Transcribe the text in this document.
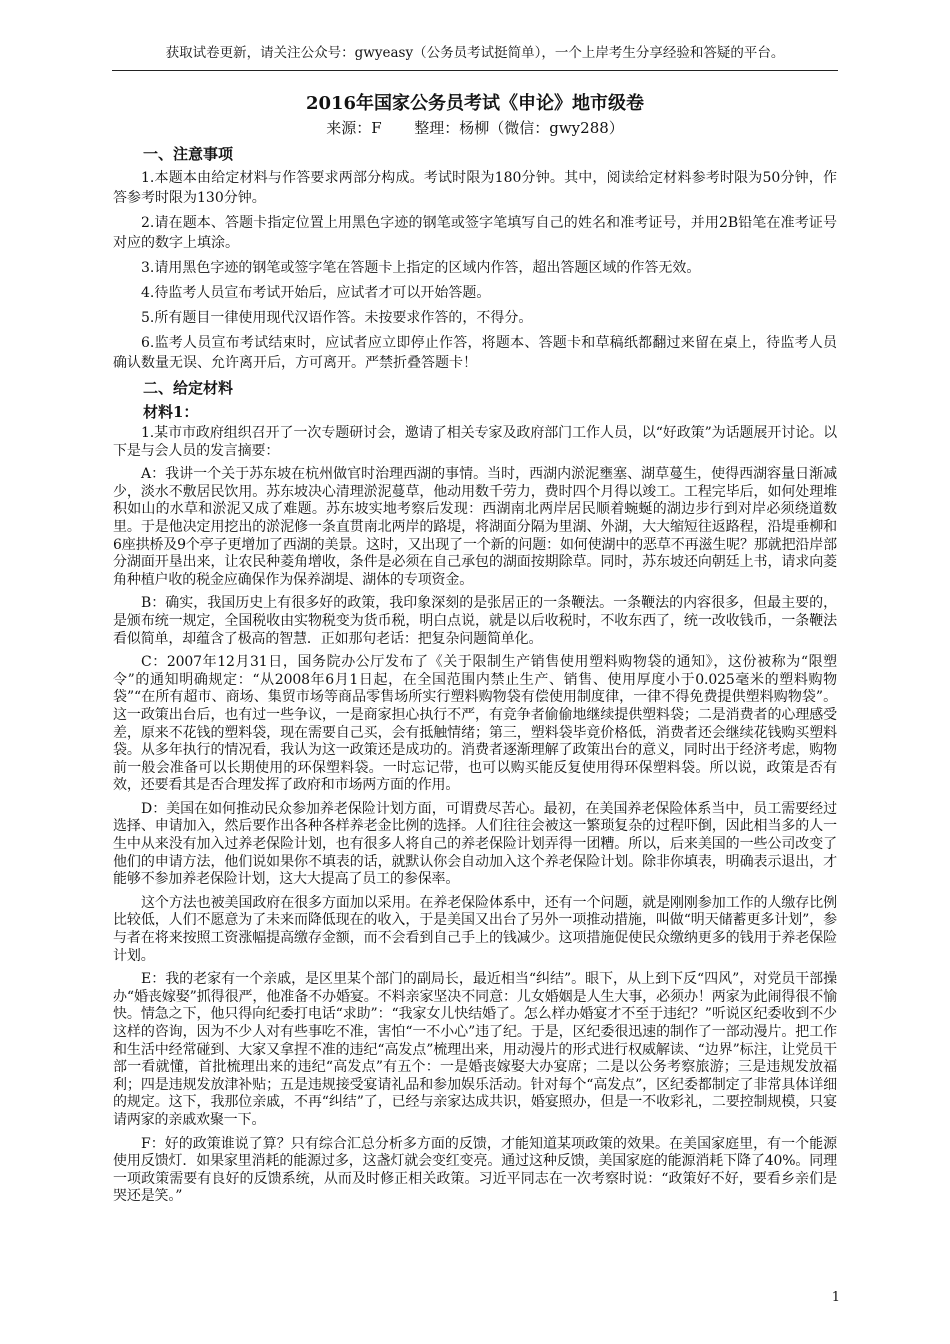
获取试卷更新，请关注公众号：gwyeasy（公务员考试挺简单），一个上岸考生分享经验和答疑的平台。
2016年国家公务员考试《申论》地市级卷
来源：F 整理：杨柳（微信：gwy288）
一、注意事项

1.本题本由给定材料与作答要求两部分构成。考试时限为180分钟。其中，阅读给定材料参考时限为50分钟，作答参考时限为130分钟。

2.请在题本、答题卡指定位置上用黑色字迹的钢笔或签字笔填写自己的姓名和准考证号，并用2B铅笔在准考证号对应的数字上填涂。

3.请用黑色字迹的钢笔或签字笔在答题卡上指定的区域内作答，超出答题区域的作答无效。

4.待监考人员宣布考试开始后，应试者才可以开始答题。

5.所有题目一律使用现代汉语作答。未按要求作答的，不得分。

6.监考人员宣布考试结束时，应试者应立即停止作答，将题本、答题卡和草稿纸都翻过来留在桌上，待监考人员确认数量无误、允许离开后，方可离开。严禁折叠答题卡！

二、给定材料
材料1：

1.某市市政府组织召开了一次专题研讨会，邀请了相关专家及政府部门工作人员，以“好政策”为话题展开讨论。以下是与会人员的发言摘要：

A：我讲一个关于苏东坡在杭州做官时治理西湖的事情。当时，西湖内淤泥壅塞、湖草蔓生，使得西湖容量日渐减少，淡水不敷居民饮用。苏东坡决心清理淤泥蔓草，他动用数千劳力，费时四个月得以竣工。工程完毕后，如何处理堆积如山的水草和淤泥又成了难题。苏东坡实地考察后发现：西湖南北两岸居民顺着蜿蜒的湖边步行到对岸必须绕道数里。于是他决定用挖出的淤泥修一条直贯南北两岸的路堤，将湖面分隔为里湖、外湖，大大缩短往返路程，沿堤垂柳和6座拱桥及9个亭子更增加了西湖的美景。这时，又出现了一个新的问题：如何使湖中的恶草不再滋生呢？那就把沿岸部分湖面开垦出来，让农民种菱角增收，条件是必须在自己承包的湖面按期除草。同时，苏东坡还向朝廷上书，请求向菱角种植户收的税金应确保作为保养湖堤、湖体的专项资金。

B：确实，我国历史上有很多好的政策，我印象深刻的是张居正的一条鞭法。一条鞭法的内容很多，但最主要的，是颁布统一规定，全国税收由实物税变为货币税，明白点说，就是以后收税时，不收东西了，统一改收钱币，一条鞭法看似简单，却蕴含了极高的智慧．正如那句老话：把复杂问题简单化。

C：2007年12月31日，国务院办公厅发布了《关于限制生产销售使用塑料购物袋的通知》，这份被称为“限塑令”的通知明确规定：“从2008年6月1日起，在全国范围内禁止生产、销售、使用厚度小于0.025毫米的塑料购物袋”“在所有超市、商场、集贸市场等商品零售场所实行塑料购物袋有偿使用制度律，一律不得免费提供塑料购物袋”。这一政策出台后，也有过一些争议，一是商家担心执行不严，有竞争者偷偷地继续提供塑料袋；二是消费者的心理感受差，原来不花钱的塑料袋，现在需要自己买，会有抵触情绪；第三，塑料袋毕竟价格低，消费者还会继续花钱购买塑料袋。从多年执行的情况看，我认为这一政策还是成功的。消费者逐渐理解了政策出台的意义，同时出于经济考虑，购物前一般会准备可以长期使用的环保塑料袋。一时忘记带，也可以购买能反复使用得环保塑料袋。所以说，政策是否有效，还要看其是否合理发挥了政府和市场两方面的作用。

D：美国在如何推动民众参加养老保险计划方面，可谓费尽苦心。最初，在美国养老保险体系当中，员工需要经过选择、申请加入，然后要作出各种各样养老金比例的选择。人们往往会被这一繁琐复杂的过程吓倒，因此相当多的人一生中从来没有加入过养老保险计划，也有很多人将自己的养老保险计划弄得一团糟。所以，后来美国的一些公司改变了他们的申请方法，他们说如果你不填表的话，就默认你会自动加入这个养老保险计划。除非你填表，明确表示退出，才能够不参加养老保险计划，这大大提高了员工的参保率。

这个方法也被美国政府在很多方面加以采用。在养老保险体系中，还有一个问题，就是刚刚参加工作的人缴存比例比较低，人们不愿意为了未来而降低现在的收入，于是美国又出台了另外一项推动措施，叫做“明天储蓄更多计划”，参与者在将来按照工资涨幅提高缴存金额，而不会看到自己手上的钱减少。这项措施促使民众缴纳更多的钱用于养老保险计划。

E：我的老家有一个亲戚，是区里某个部门的副局长，最近相当“纠结”。眼下，从上到下反“四风”，对党员干部操办“婚丧嫁娶”抓得很严，他准备不办婚宴。不料亲家坚决不同意：儿女婚姻是人生大事，必须办！两家为此闹得很不愉快。情急之下，他只得向纪委打电话“求助”：“我家女儿快结婚了。怎么样办婚宴才不至于违纪？”听说区纪委收到不少这样的咨询，因为不少人对有些事吃不准，害怕“一不小心”违了纪。于是，区纪委很迅速的制作了一部动漫片。把工作和生活中经常碰到、大家又拿捏不准的违纪“高发点”梳理出来，用动漫片的形式进行权威解读、“边界”标注，让党员干部一看就懂，首批梳理出来的违纪“高发点”有五个：一是婚丧嫁娶大办宴席；二是以公务考察旅游；三是违规发放福利；四是违规发放津补贴；五是违规接受宴请礼品和参加娱乐活动。针对每个“高发点”，区纪委都制定了非常具体详细的规定。这下，我那位亲戚，不再“纠结”了，已经与亲家达成共识，婚宴照办，但是一不收彩礼，二要控制规模，只宴请两家的亲戚欢聚一下。

F：好的政策谁说了算？只有综合汇总分析多方面的反馈，才能知道某项政策的效果。在美国家庭里，有一个能源使用反馈灯．如果家里消耗的能源过多，这盏灯就会变红变亮。通过这种反馈，美国家庭的能源消耗下降了40%。同理一项政策需要有良好的反馈系统，从而及时修正相关政策。习近平同志在一次考察时说：“政策好不好，要看乡亲们是哭还是笑。”

1
